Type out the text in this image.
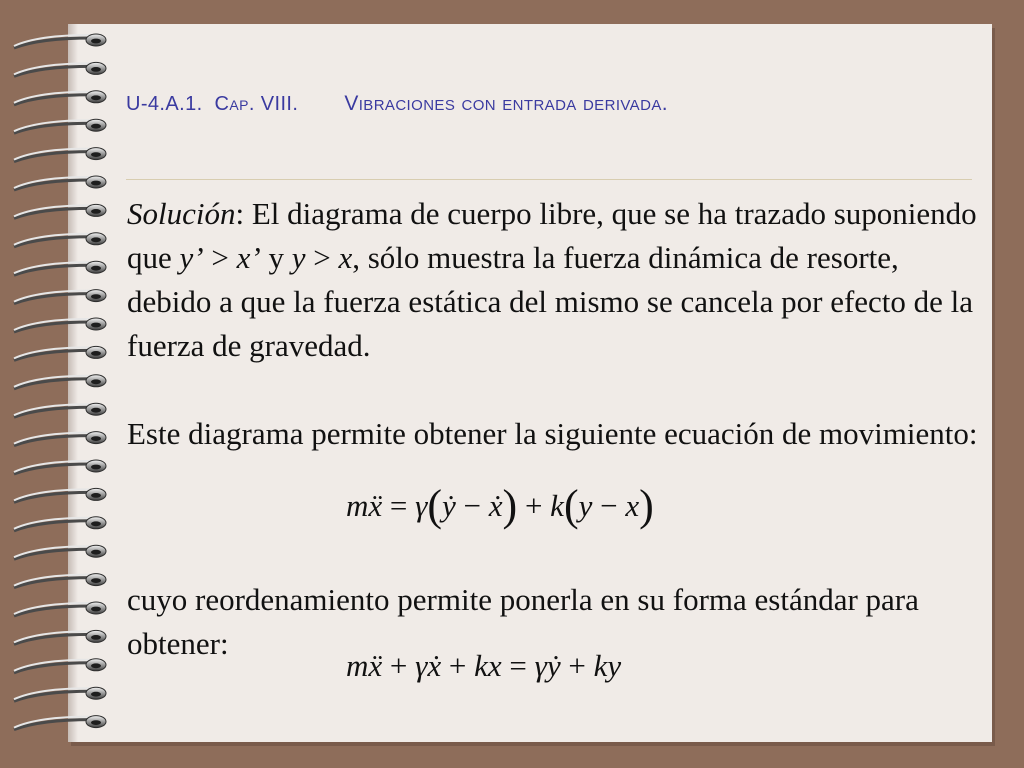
U-4.A.1. Cap. VIII. Vibraciones con entrada derivada.

Solución: El diagrama de cuerpo libre, que se ha trazado suponiendo que y’ > x’ y y > x, sólo muestra la fuerza dinámica de resorte, debido a que la fuerza estática del mismo se cancela por efecto de la fuerza de gravedad.

Este diagrama permite obtener la siguiente ecuación de movimiento:

mẍ = γ(ẏ − ẋ) + k(y − x)

cuyo reordenamiento permite ponerla en su forma estándar para obtener:

mẍ + γẋ + kx = γẏ + ky
